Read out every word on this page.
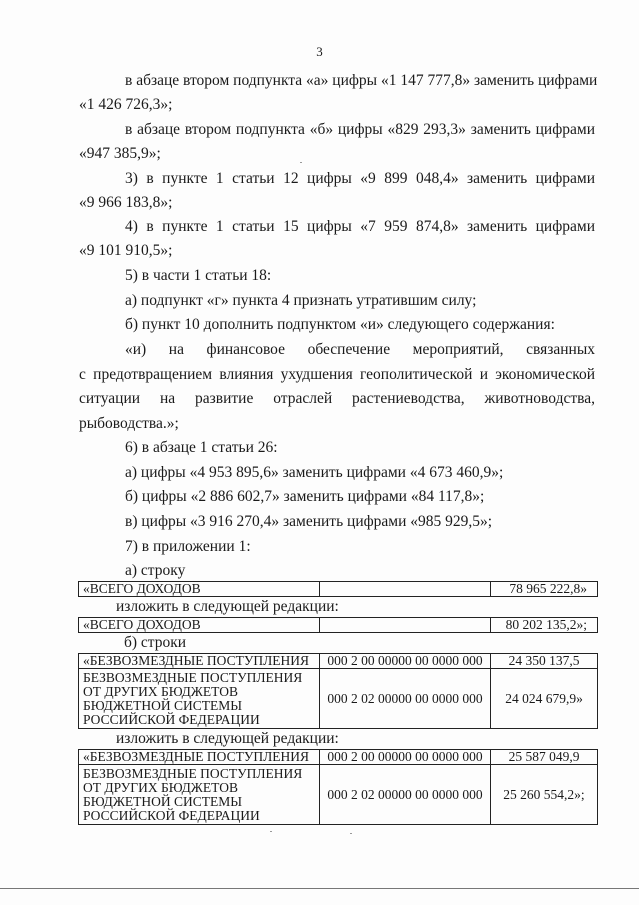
3
в абзаце втором подпункта «а» цифры «1 147 777,8» заменить цифрами
«1 426 726,3»;
в абзаце втором подпункта «б» цифры «829 293,3» заменить цифрами
«947 385,9»;
3) в пункте 1 статьи 12 цифры «9 899 048,4» заменить цифрами
«9 966 183,8»;
4) в пункте 1 статьи 15 цифры «7 959 874,8» заменить цифрами
«9 101 910,5»;
5) в части 1 статьи 18:
а) подпункт «г» пункта 4 признать утратившим силу;
б) пункт 10 дополнить подпунктом «и» следующего содержания:
«и) на финансовое обеспечение мероприятий, связанных
с предотвращением влияния ухудшения геополитической и экономической
ситуации на развитие отраслей растениеводства, животноводства,
рыбоводства.»;
6) в абзаце 1 статьи 26:
а) цифры «4 953 895,6» заменить цифрами «4 673 460,9»;
б) цифры «2 886 602,7» заменить цифрами «84 117,8»;
в) цифры «3 916 270,4» заменить цифрами «985 929,5»;
7) в приложении 1:
а) строку
«ВСЕГО ДОХОДОВ		78 965 222,8»
изложить в следующей редакции:
«ВСЕГО ДОХОДОВ		80 202 135,2»;
б) строки
«БЕЗВОЗМЕЗДНЫЕ ПОСТУПЛЕНИЯ	000 2 00 00000 00 0000 000	24 350 137,5
БЕЗВОЗМЕЗДНЫЕ ПОСТУПЛЕНИЯ ОТ ДРУГИХ БЮДЖЕТОВ БЮДЖЕТНОЙ СИСТЕМЫ РОССИЙСКОЙ ФЕДЕРАЦИИ	000 2 02 00000 00 0000 000	24 024 679,9»
изложить в следующей редакции:
«БЕЗВОЗМЕЗДНЫЕ ПОСТУПЛЕНИЯ	000 2 00 00000 00 0000 000	25 587 049,9
БЕЗВОЗМЕЗДНЫЕ ПОСТУПЛЕНИЯ ОТ ДРУГИХ БЮДЖЕТОВ БЮДЖЕТНОЙ СИСТЕМЫ РОССИЙСКОЙ ФЕДЕРАЦИИ	000 2 02 00000 00 0000 000	25 260 554,2»;
